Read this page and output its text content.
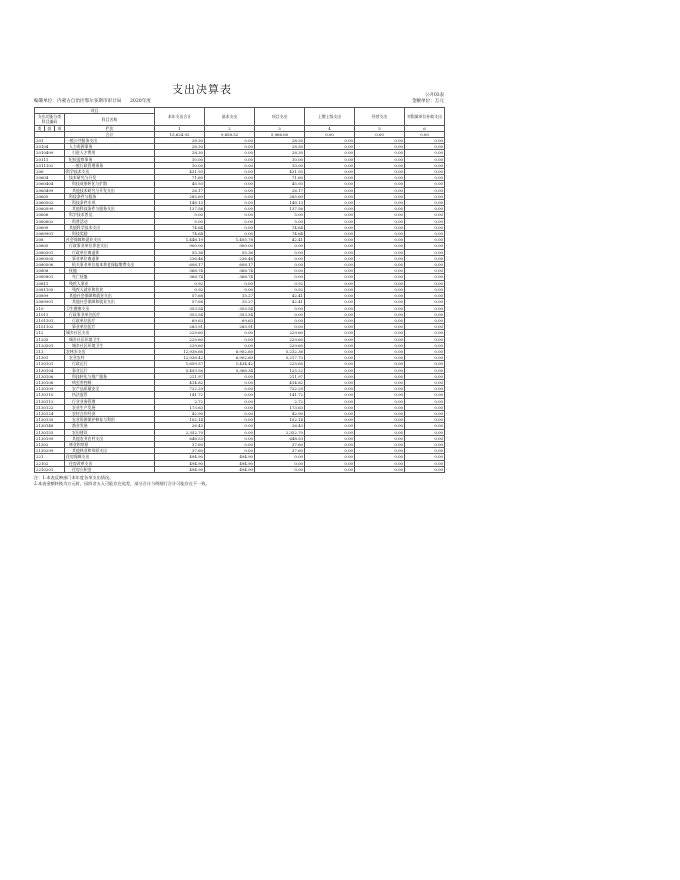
支出决算表	公开03表
编制单位：内蒙古自治区鄂尔多斯市审计局 2020年度	金额单位：万元
项目				本年支出合计	基本支出	项目支出	上缴上级支出	经营支出	对附属单位补助支出
支出功能分类科目编码			科目名称						
类	款	项	栏次	1	2	3	4	5	6
			合计	15,624.92	9,658.32	5,966.60	0.00	0.00	0.00
201			一般公共服务支出	28.30	0.00	28.30	0.00	0.00	0.00
20104			人力资源事务	28.30	0.00	28.30	0.00	0.00	0.00
2010499			引进人才费用	28.30	0.00	28.30	0.00	0.00	0.00
20111			纪检监察事务	10.00	0.00	10.00	0.00	0.00	0.00
2011102			一般行政管理事务	10.00	0.00	10.00	0.00	0.00	0.00
206			科学技术支出	431.93	0.00	431.93	0.00	0.00	0.00
20604			技术研究与开发	71.60	0.00	71.60	0.00	0.00	0.00
2060404			科技成果转化与扩散	45.93	0.00	45.93	0.00	0.00	0.00
2060499			其他技术研究与开发支出	26.17	0.00	26.17	0.00	0.00	0.00
20605			科技条件与服务	285.69	0.00	285.69	0.00	0.00	0.00
2060502			科技条件专项	148.13	0.00	148.13	0.00	0.00	0.00
2060599			其他科技条件与服务支出	137.56	0.00	137.56	0.00	0.00	0.00
20606			科学技术普及	5.00	0.00	5.00	0.00	0.00	0.00
2060602			科普活动	5.00	0.00	5.00	0.00	0.00	0.00
20699			其他科学技术支出	74.64	0.00	74.64	0.00	0.00	0.00
2069901			科技奖励	74.64	0.00	74.64	0.00	0.00	0.00
208			社会保障和就业支出	1,448.19	1,405.78	42.41	0.00	0.00	0.00
20805			行政事业单位养老支出	900.00	900.00	0.00	0.00	0.00	0.00
2080501			行政单位离退休	55.36	55.36	0.00	0.00	0.00	0.00
2080505			事业单位离退休	236.46	236.46	0.00	0.00	0.00	0.00
2080506			机关事业单位基本养老保险缴费支出	608.17	608.17	0.00	0.00	0.00	0.00
20808			抚恤	368.74	368.74	0.00	0.00	0.00	0.00
2080801			死亡抚恤	368.74	368.74	0.00	0.00	0.00	0.00
20811			残疾人事业	0.92	0.00	0.92	0.00	0.00	0.00
2081105			残疾人就业和扶贫	0.92	0.00	0.92	0.00	0.00	0.00
20899			其他社会保障和就业支出	57.68	15.27	42.41	0.00	0.00	0.00
2089901			其他社会保障和就业支出	57.68	15.27	42.41	0.00	0.00	0.00
210			卫生健康支出	353.54	353.54	0.00	0.00	0.00	0.00
21011			行政事业单位医疗	353.54	353.54	0.00	0.00	0.00	0.00
2101101			行政单位医疗	69.63	69.63	0.00	0.00	0.00	0.00
2101102			事业单位医疗	283.91	283.91	0.00	0.00	0.00	0.00
212			城乡社区支出	229.60	0.00	229.60	0.00	0.00	0.00
21205			城乡社区环境卫生	229.60	0.00	229.60	0.00	0.00	0.00
2120501			城乡社区环境卫生	229.60	0.00	229.60	0.00	0.00	0.00
213			农林水支出	12,938.66	6,902.60	5,232.36	0.00	0.00	0.00
21301			农业农村	12,938.42	6,902.60	5,217.73	0.00	0.00	0.00
2130101			行政运行	1,659.57	1,434.42	225.65	0.00	0.00	0.00
2130104			事业运行	5,493.56	5,368.34	125.22	0.00	0.00	0.00
2130106			科技转化与推广服务	211.97	0.00	211.97	0.00	0.00	0.00
2130108			病虫害控制	414.82	0.00	414.82	0.00	0.00	0.00
2130109			农产品质量安全	722.29	0.00	722.29	0.00	0.00	0.00
2130110			执法监管	141.72	0.00	141.72	0.00	0.00	0.00
2130112			行业业务管理	2.72	0.00	2.72	0.00	0.00	0.00
2130122			农业生产发展	173.63	0.00	173.63	0.00	0.00	0.00
2130124			农村合作经济	42.90	0.00	42.90	0.00	0.00	0.00
2130135			农业资源保护修复与利用	102.14	0.00	102.14	0.00	0.00	0.00
2130148			渔业发展	26.43	0.00	26.43	0.00	0.00	0.00
2130153			农田建设	2,352.70	0.00	2,352.70	0.00	0.00	0.00
2130199			其他农业农村支出	648.53	0.00	648.53	0.00	0.00	0.00
21302			林业和草原	37.60	0.00	37.60	0.00	0.00	0.00
2130299			其他林业和草原支出	37.60	0.00	37.60	0.00	0.00	0.00
221			住房保障支出	494.90	494.90	0.00	0.00	0.00	0.00
22102			住房改革支出	494.90	494.90	0.00	0.00	0.00	0.00
2210201			住房公积金	494.90	494.90	0.00	0.00	0.00	0.00
注：1.本表反映部门本年度各项支出情况。
2.本表金额转换为万元时，因四舍五入可能存在尾差，部分合计与明细行合计可能存在不一致。
